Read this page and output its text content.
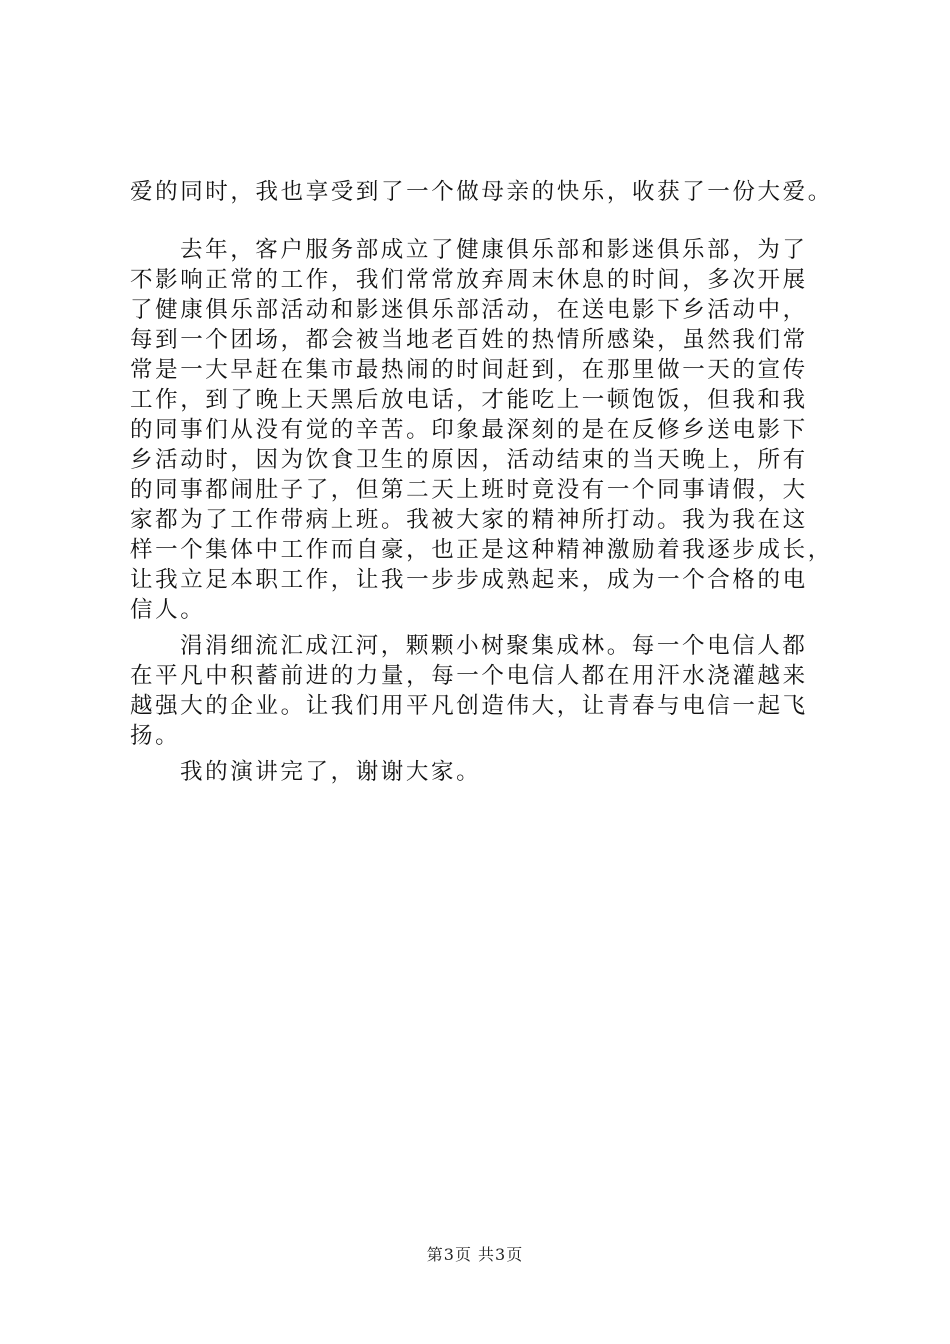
爱的同时，我也享受到了一个做母亲的快乐，收获了一份大爱。
去年，客户服务部成立了健康俱乐部和影迷俱乐部，为了
不影响正常的工作，我们常常放弃周末休息的时间，多次开展
了健康俱乐部活动和影迷俱乐部活动，在送电影下乡活动中，
每到一个团场，都会被当地老百姓的热情所感染，虽然我们常
常是一大早赶在集市最热闹的时间赶到，在那里做一天的宣传
工作，到了晚上天黑后放电话，才能吃上一顿饱饭，但我和我
的同事们从没有觉的辛苦。印象最深刻的是在反修乡送电影下
乡活动时，因为饮食卫生的原因，活动结束的当天晚上，所有
的同事都闹肚子了，但第二天上班时竟没有一个同事请假，大
家都为了工作带病上班。我被大家的精神所打动。我为我在这
样一个集体中工作而自豪，也正是这种精神激励着我逐步成长，
让我立足本职工作，让我一步步成熟起来，成为一个合格的电
信人。
涓涓细流汇成江河，颗颗小树聚集成林。每一个电信人都
在平凡中积蓄前进的力量，每一个电信人都在用汗水浇灌越来
越强大的企业。让我们用平凡创造伟大，让青春与电信一起飞
扬。
我的演讲完了，谢谢大家。
第3页 共3页
